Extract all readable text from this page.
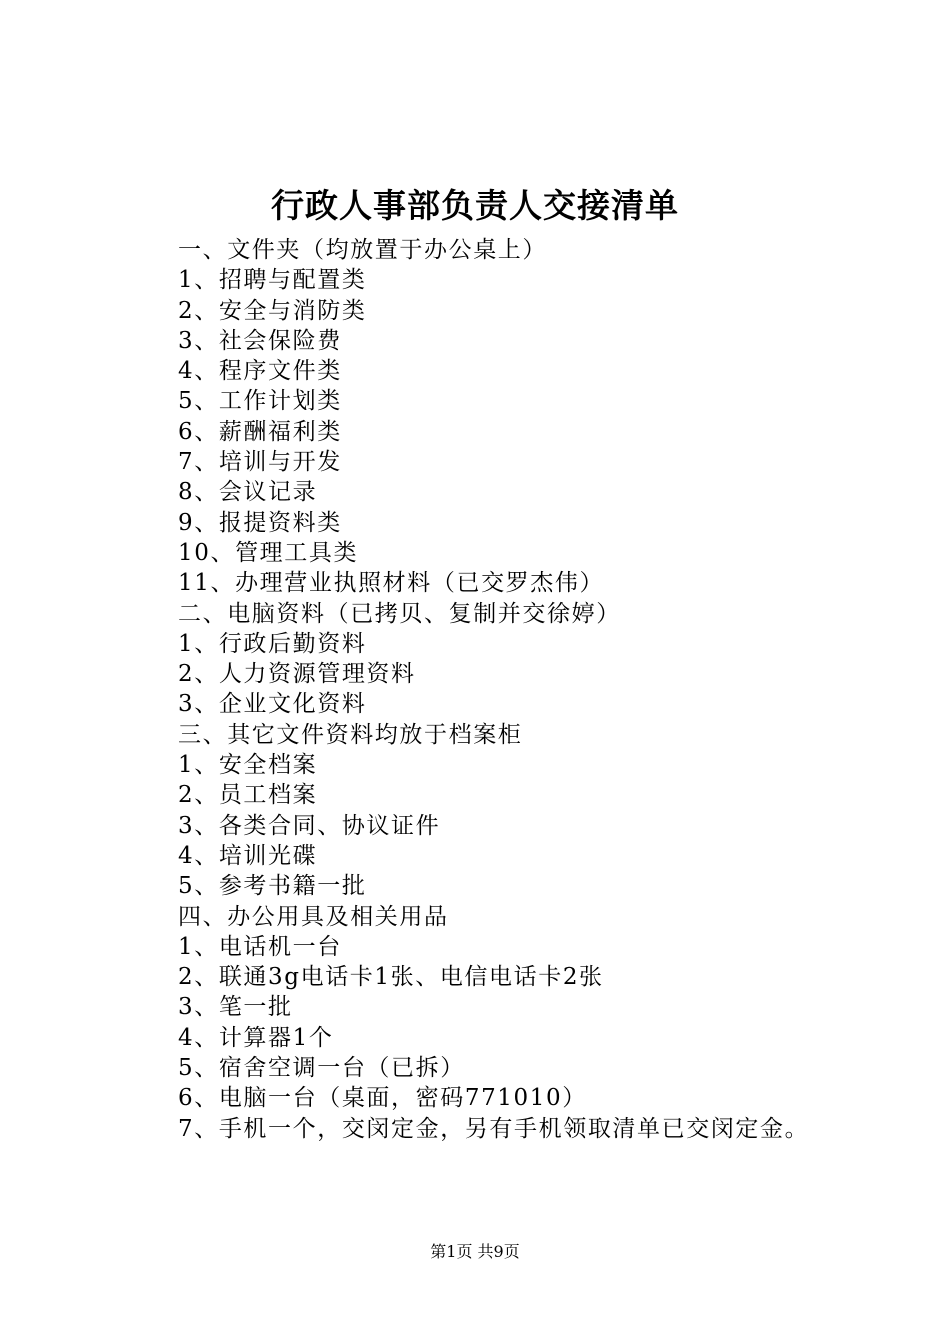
行政人事部负责人交接清单
一、文件夹（均放置于办公桌上）
1、招聘与配置类
2、安全与消防类
3、社会保险费
4、程序文件类
5、工作计划类
6、薪酬福利类
7、培训与开发
8、会议记录
9、报提资料类
10、管理工具类
11、办理营业执照材料（已交罗杰伟）
二、电脑资料（已拷贝、复制并交徐婷）
1、行政后勤资料
2、人力资源管理资料
3、企业文化资料
三、其它文件资料均放于档案柜
1、安全档案
2、员工档案
3、各类合同、协议证件
4、培训光碟
5、参考书籍一批
四、办公用具及相关用品
1、电话机一台
2、联通3g电话卡1张、电信电话卡2张
3、笔一批
4、计算器1个
5、宿舍空调一台（已拆）
6、电脑一台（桌面，密码771010）
7、手机一个，交闵定金，另有手机领取清单已交闵定金。
第1页 共9页
